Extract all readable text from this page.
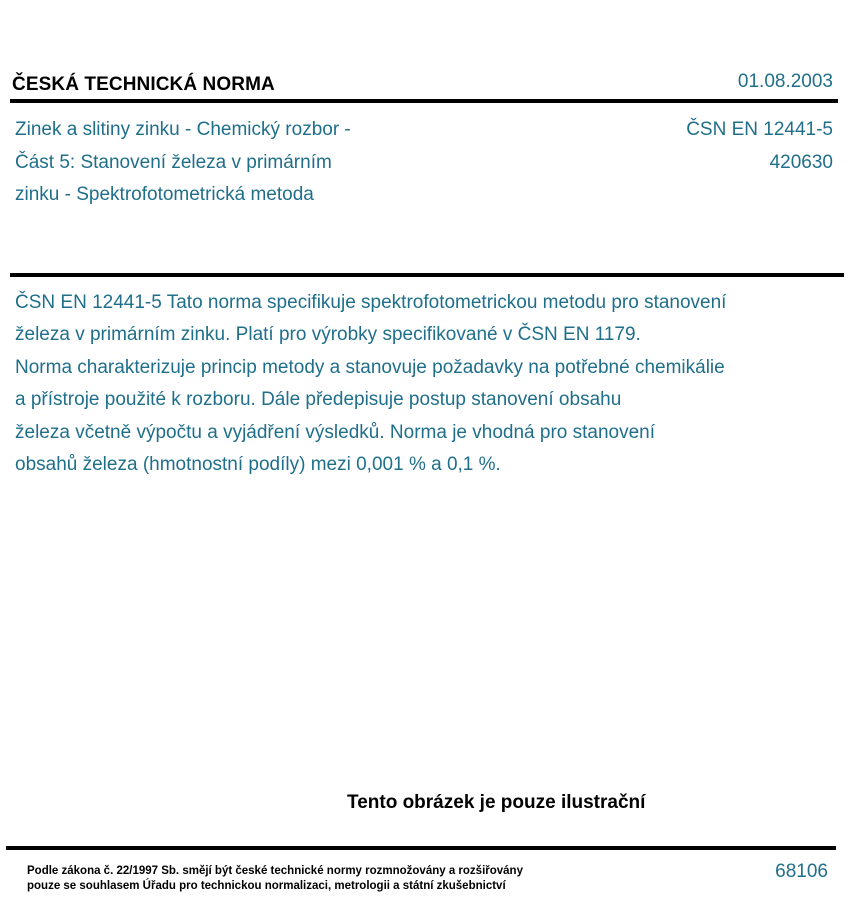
ČESKÁ TECHNICKÁ NORMA	01.08.2003
Zinek a slitiny zinku - Chemický rozbor -
Část 5: Stanovení železa v primárním
zinku - Spektrofotometrická metoda
ČSN EN 12441-5
420630
ČSN EN 12441-5 Tato norma specifikuje spektrofotometrickou metodu pro stanovení
železa v primárním zinku. Platí pro výrobky specifikované v ČSN EN 1179.
Norma charakterizuje princip metody a stanovuje požadavky na potřebné chemikálie
a přístroje použité k rozboru. Dále předepisuje postup stanovení obsahu
železa včetně výpočtu a vyjádření výsledků. Norma je vhodná pro stanovení
obsahů železa (hmotnostní podíly) mezi 0,001 % a 0,1 %.
Tento obrázek je pouze ilustrační
Podle zákona č. 22/1997 Sb. smějí být české technické normy rozmnožovány a rozšiřovány
pouze se souhlasem Úřadu pro technickou normalizaci, metrologii a státní zkušebnictví
68106
